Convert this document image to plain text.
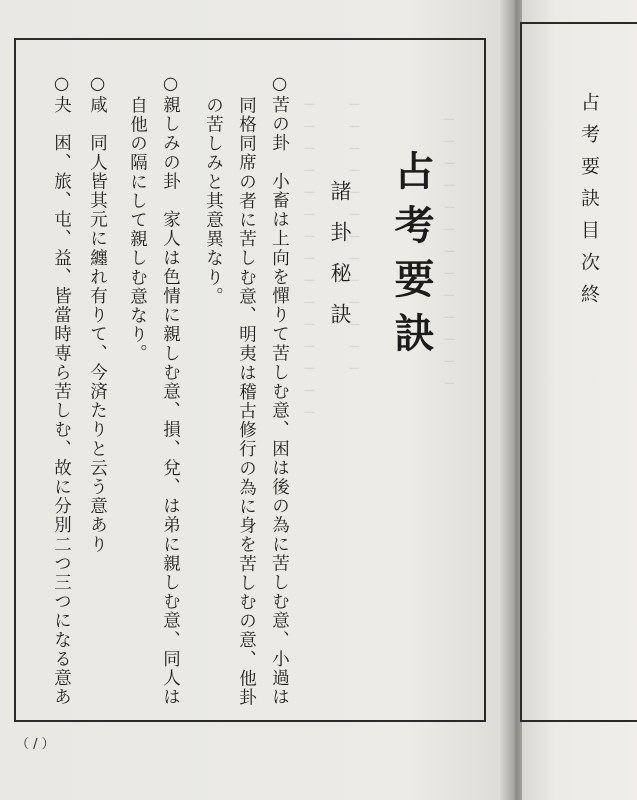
─────────────
─────────────
─────────────── 占考要訣
諸卦秘訣
○苦の卦　小畜は上向を憚りて苦しむ意、困は後の為に苦しむ意、小過は
同格同席の者に苦しむ意、明夷は稽古修行の為に身を苦しむの意、他卦
の苦しみと其意異なり。
○親しみの卦　家人は色情に親しむ意、損、兌、は弟に親しむ意、同人は
自他の隔にして親しむ意なり。
○咸　同人皆其元に纏れ有りて、今済たりと云う意あり
○夬　困、旅、屯、益、皆當時専ら苦しむ、故に分別二つ三つになる意あ
（ / ）
占考要訣目次終
